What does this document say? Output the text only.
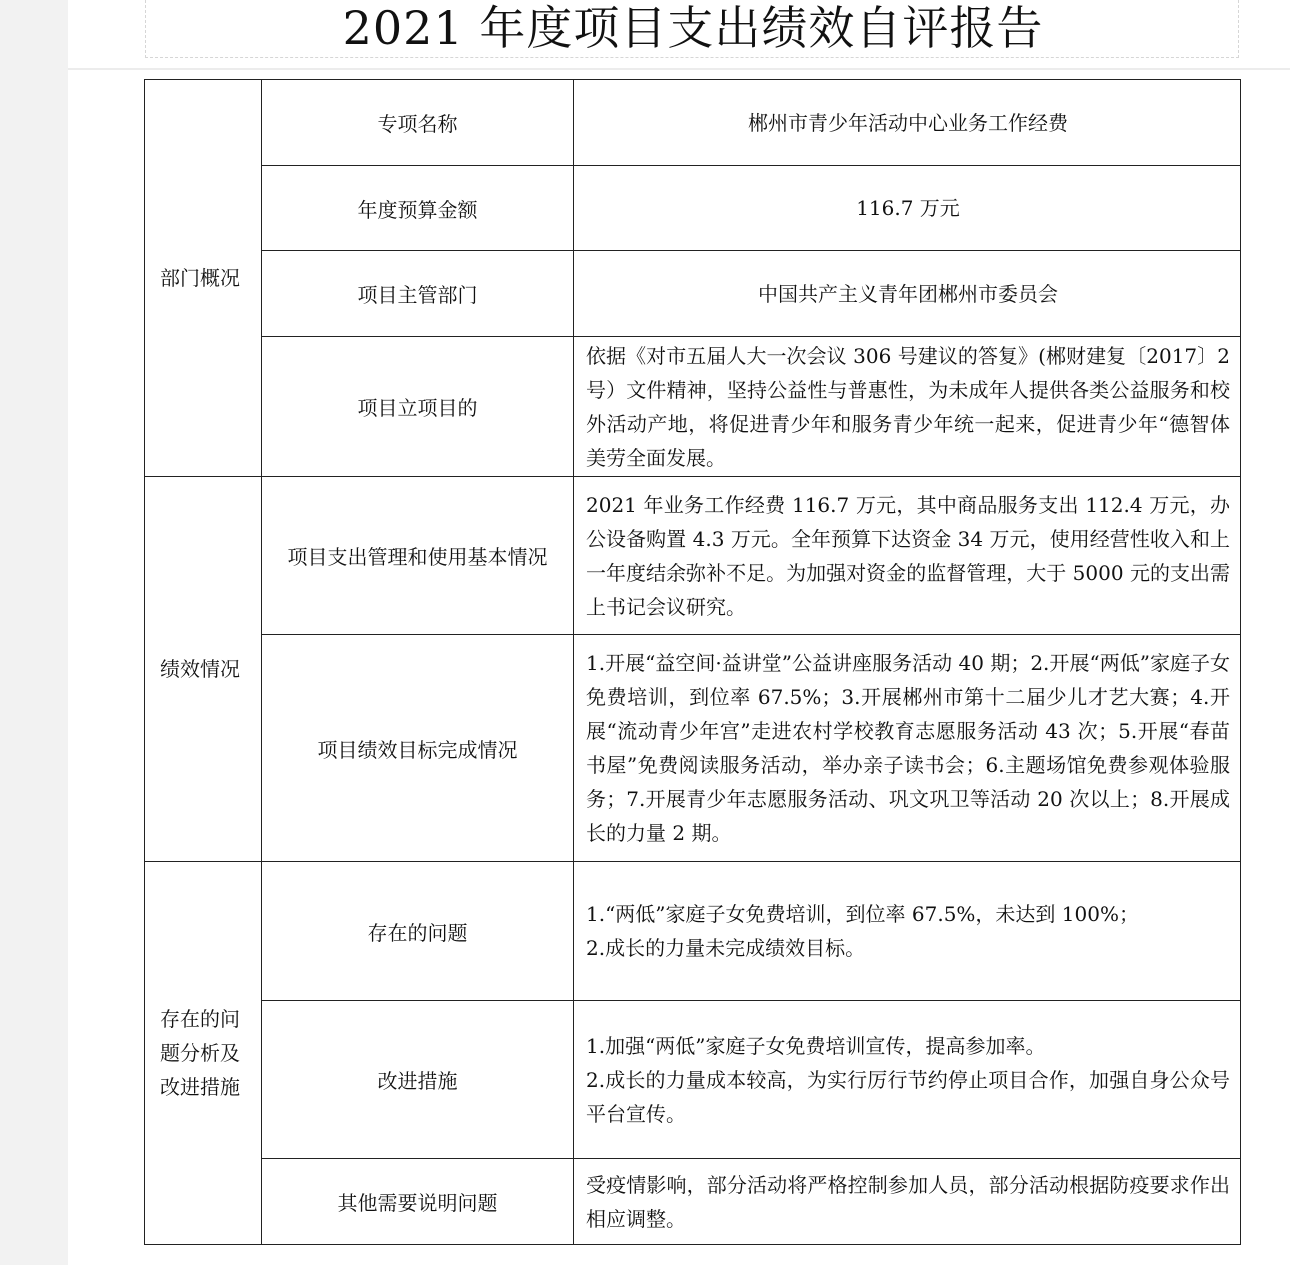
2021 年度项目支出绩效自评报告
部门概况	专项名称	郴州市青少年活动中心业务工作经费
	年度预算金额	116.7 万元
	项目主管部门	中国共产主义青年团郴州市委员会
	项目立项目的	依据《对市五届人大一次会议 306 号建议的答复》(郴财建复〔2017〕2 号）文件精神，坚持公益性与普惠性，为未成年人提供各类公益服务和校外活动产地，将促进青少年和服务青少年统一起来，促进青少年“德智体美劳全面发展。
绩效情况	项目支出管理和使用基本情况	2021 年业务工作经费 116.7 万元，其中商品服务支出 112.4 万元，办公设备购置 4.3 万元。全年预算下达资金 34 万元，使用经营性收入和上一年度结余弥补不足。为加强对资金的监督管理，大于 5000 元的支出需上书记会议研究。
	项目绩效目标完成情况	1.开展“益空间·益讲堂”公益讲座服务活动 40 期；2.开展“两低”家庭子女免费培训，到位率 67.5%；3.开展郴州市第十二届少儿才艺大赛；4.开展“流动青少年宫”走进农村学校教育志愿服务活动 43 次；5.开展“春苗书屋”免费阅读服务活动，举办亲子读书会；6.主题场馆免费参观体验服务；7.开展青少年志愿服务活动、巩文巩卫等活动 20 次以上；8.开展成长的力量 2 期。
存在的问题分析及改进措施	存在的问题	1.“两低”家庭子女免费培训，到位率 67.5%，未达到 100%；
2.成长的力量未完成绩效目标。

	改进措施	1.加强“两低”家庭子女免费培训宣传，提高参加率。
2.成长的力量成本较高，为实行厉行节约停止项目合作，加强自身公众号平台宣传。

	其他需要说明问题	受疫情影响，部分活动将严格控制参加人员，部分活动根据防疫要求作出相应调整。
